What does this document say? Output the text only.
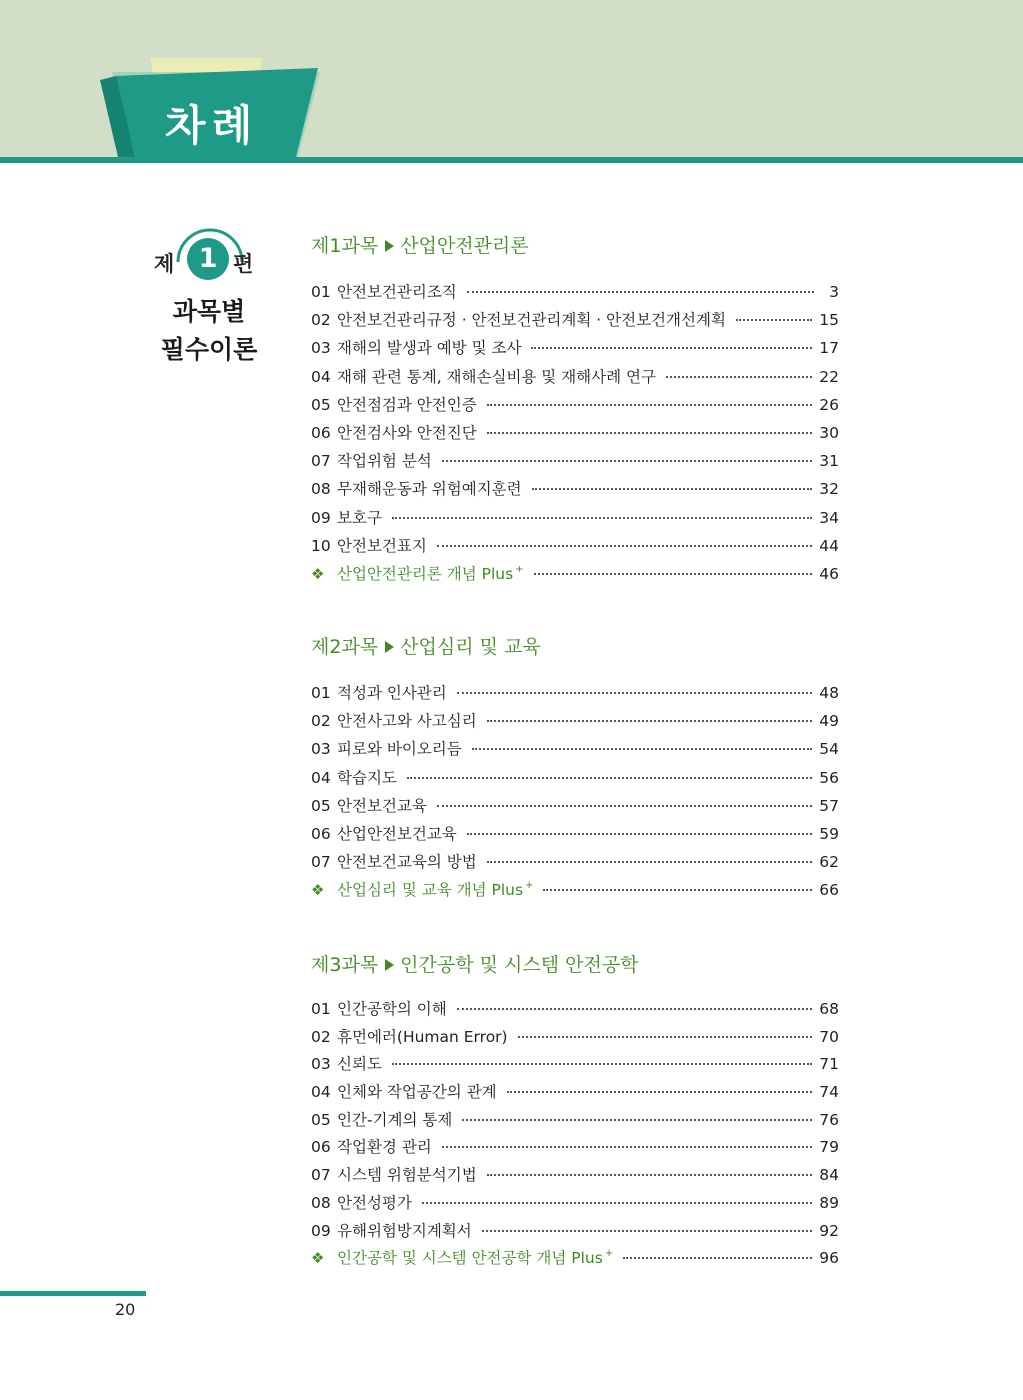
차례
제 1 편
과목별
필수이론
제1과목 산업안전관리론
01 안전보건관리조직	3
02 안전보건관리규정 · 안전보건관리계획 · 안전보건개선계획	15
03 재해의 발생과 예방 및 조사	17
04 재해 관련 통계, 재해손실비용 및 재해사례 연구	22
05 안전점검과 안전인증	26
06 안전검사와 안전진단	30
07 작업위험 분석	31
08 무재해운동과 위험예지훈련	32
09 보호구	34
10 안전보건표지	44
❖ 산업안전관리론 개념 Plus +	46
제2과목 산업심리 및 교육
01 적성과 인사관리	48
02 안전사고와 사고심리	49
03 피로와 바이오리듬	54
04 학습지도	56
05 안전보건교육	57
06 산업안전보건교육	59
07 안전보건교육의 방법	62
❖ 산업심리 및 교육 개념 Plus +	66
제3과목 인간공학 및 시스템 안전공학
01 인간공학의 이해	68
02 휴먼에러(Human Error)	70
03 신뢰도	71
04 인체와 작업공간의 관계	74
05 인간-기계의 통제	76
06 작업환경 관리	79
07 시스템 위험분석기법	84
08 안전성평가	89
09 유해위험방지계획서	92
❖ 인간공학 및 시스템 안전공학 개념 Plus +	96
20
